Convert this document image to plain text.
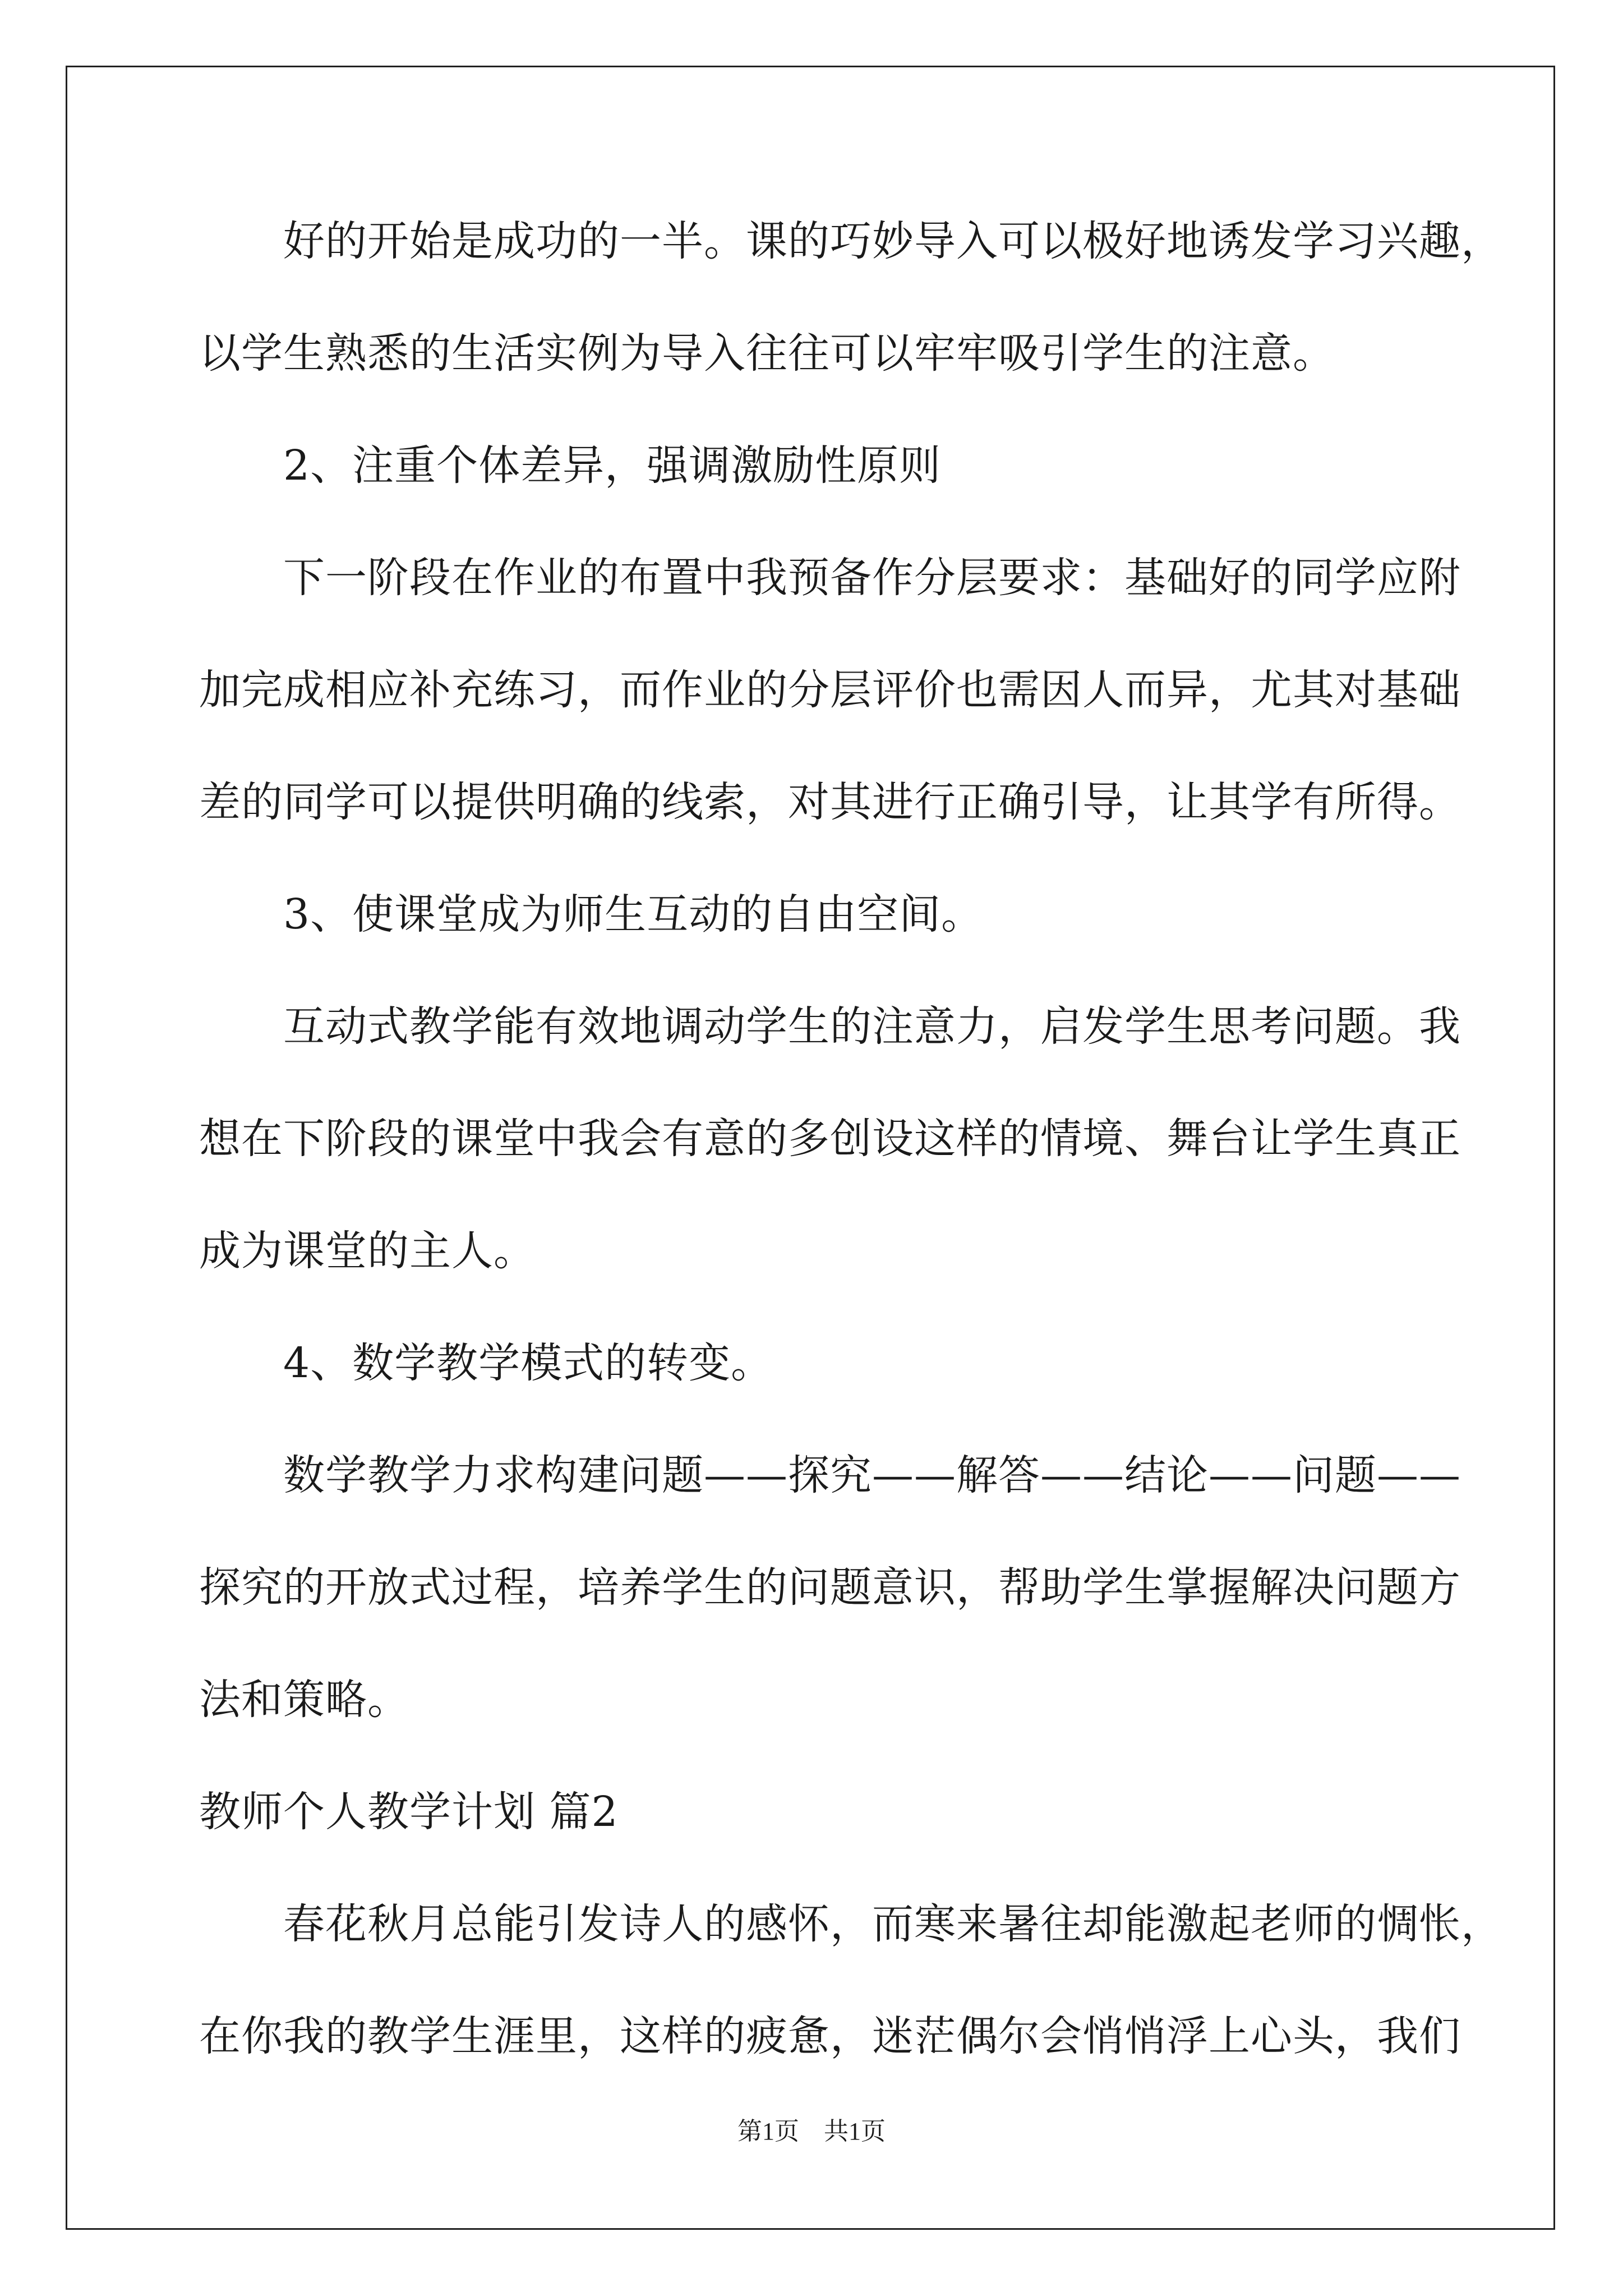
好的开始是成功的一半。课的巧妙导入可以极好地诱发学习兴趣，
以学生熟悉的生活实例为导入往往可以牢牢吸引学生的注意。
2、注重个体差异，强调激励性原则
下一阶段在作业的布置中我预备作分层要求：基础好的同学应附
加完成相应补充练习，而作业的分层评价也需因人而异，尤其对基础
差的同学可以提供明确的线索，对其进行正确引导，让其学有所得。
3、使课堂成为师生互动的自由空间。
互动式教学能有效地调动学生的注意力，启发学生思考问题。我
想在下阶段的课堂中我会有意的多创设这样的情境、舞台让学生真正
成为课堂的主人。
4、数学教学模式的转变。
数学教学力求构建问题——探究——解答——结论——问题——
探究的开放式过程，培养学生的问题意识，帮助学生掌握解决问题方
法和策略。
教师个人教学计划 篇2
春花秋月总能引发诗人的感怀，而寒来暑往却能激起老师的惆怅，
在你我的教学生涯里，这样的疲惫，迷茫偶尔会悄悄浮上心头，我们
第1页　共1页
